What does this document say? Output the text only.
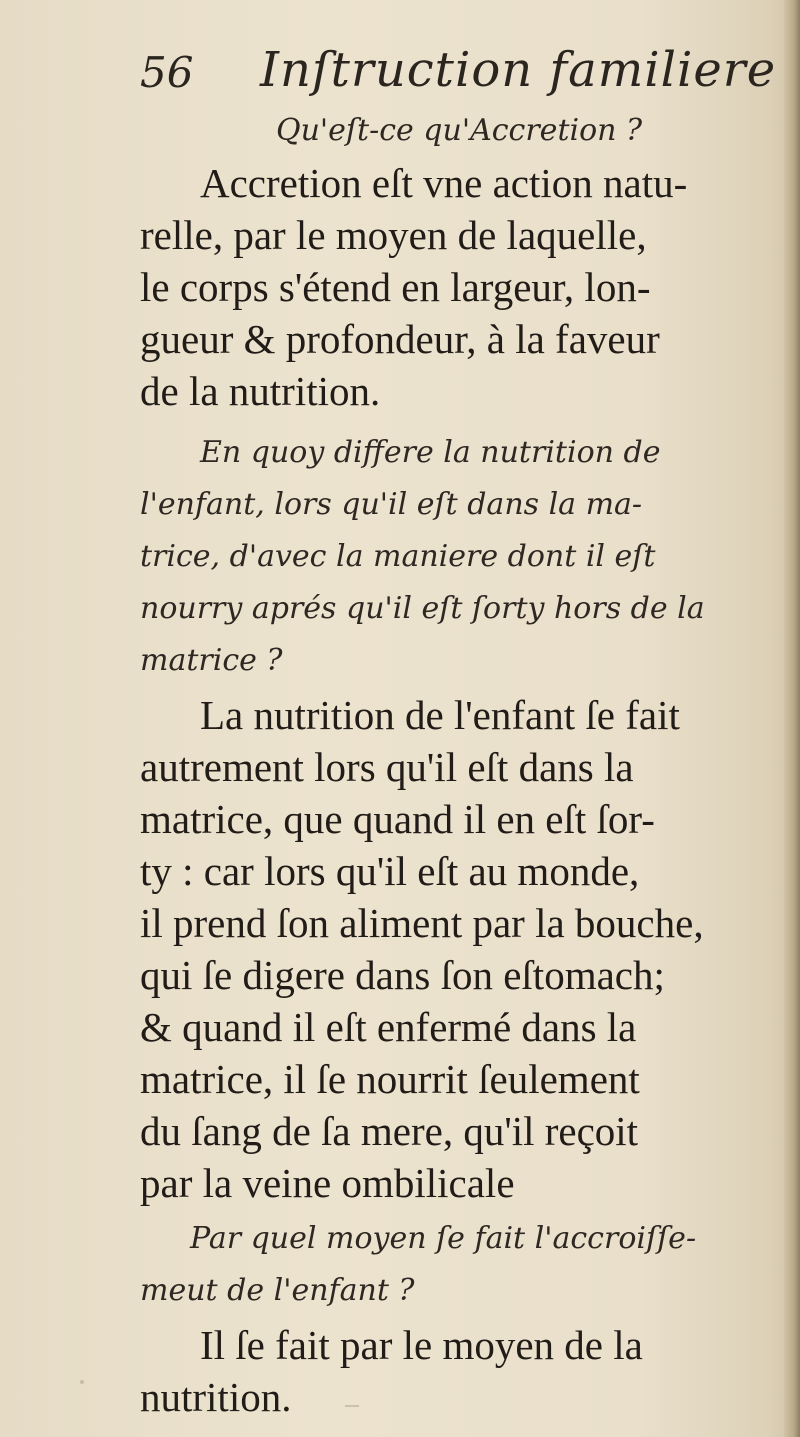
56 Inſtruction familiere
Qu'eſt-ce qu'Accretion ?
Accretion eſt vne action natu-
relle, par le moyen de laquelle,
le corps s'étend en largeur, lon-
gueur & profondeur, à la faveur
de la nutrition.
En quoy differe la nutrition de
l'enfant, lors qu'il eſt dans la ma-
trice, d'avec la maniere dont il eſt
nourry aprés qu'il eſt ſorty hors de la
matrice ?
La nutrition de l'enfant ſe fait
autrement lors qu'il eſt dans la
matrice, que quand il en eſt ſor-
ty : car lors qu'il eſt au monde,
il prend ſon aliment par la bouche,
qui ſe digere dans ſon eſtomach;
& quand il eſt enfermé dans la
matrice, il ſe nourrit ſeulement
du ſang de ſa mere, qu'il reçoit
par la veine ombilicale
Par quel moyen ſe fait l'accroiſſe-
meut de l'enfant ?
Il ſe fait par le moyen de la
nutrition.
